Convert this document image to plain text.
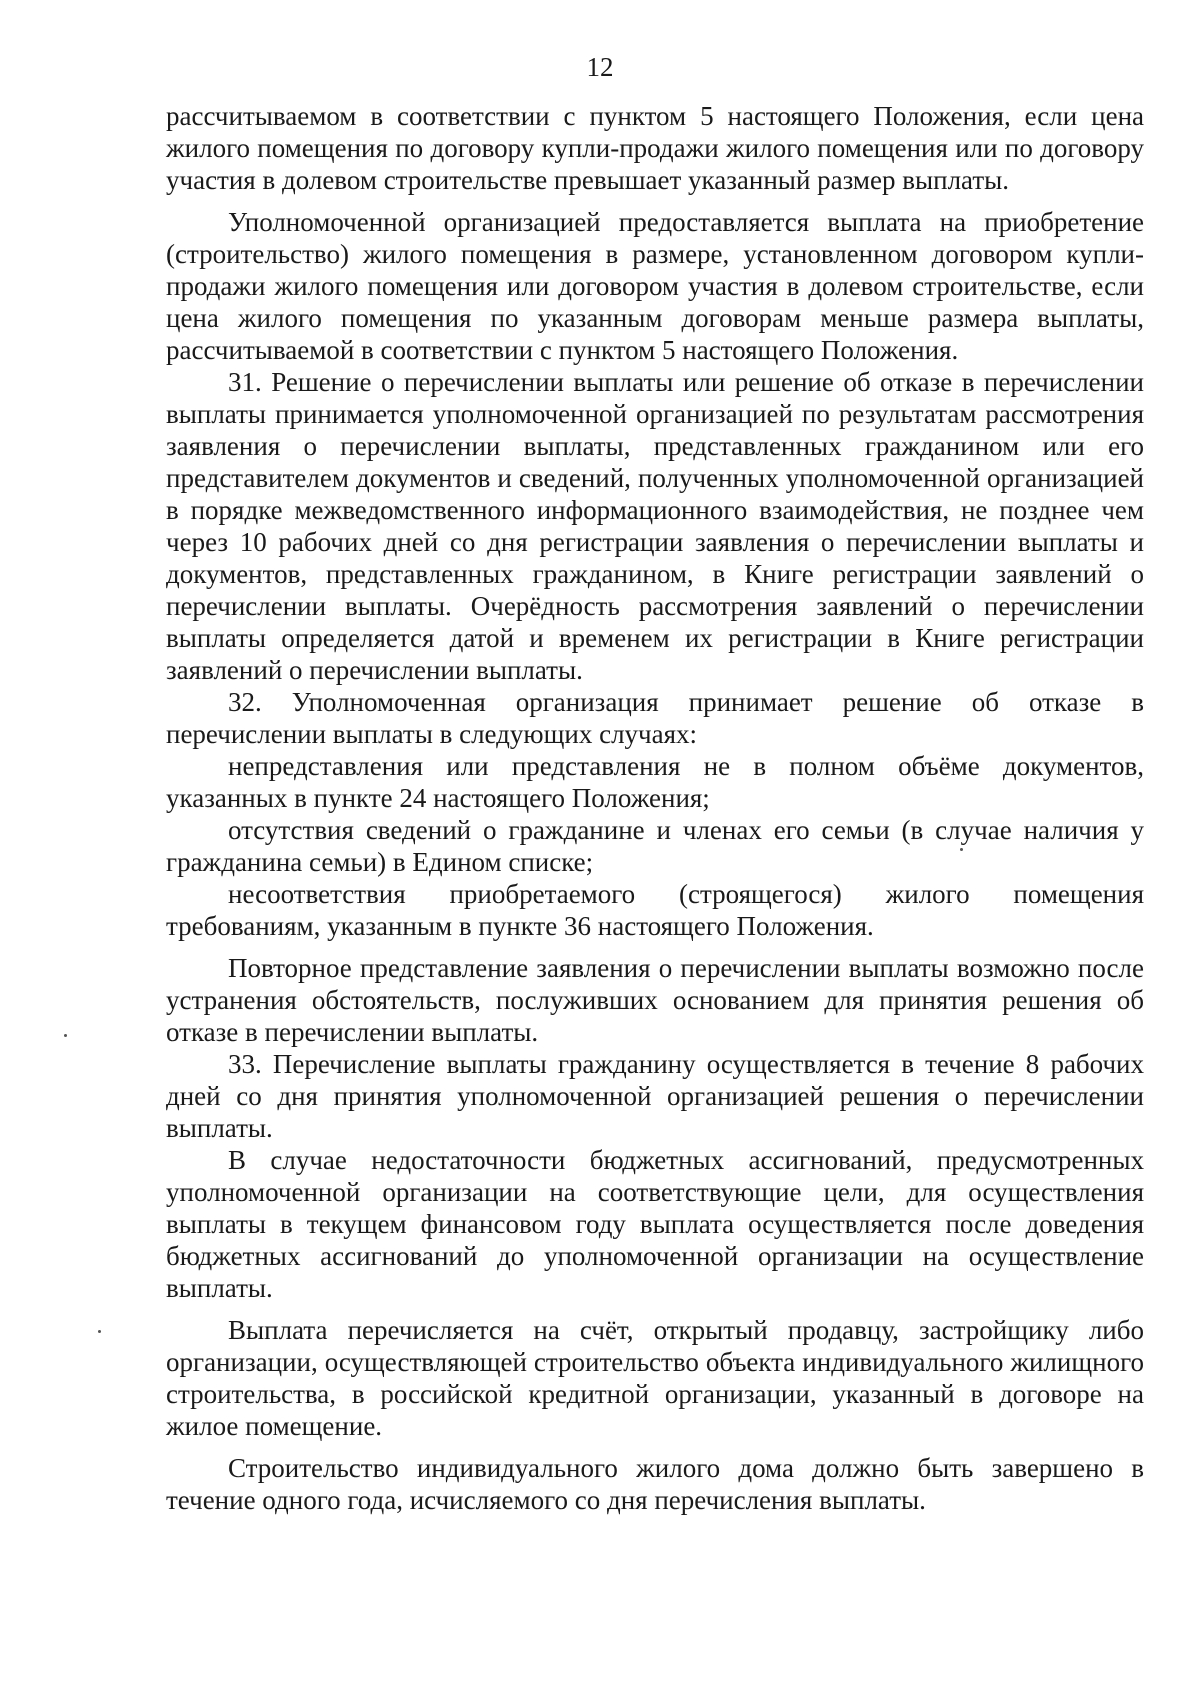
12

рассчитываемом в соответствии с пунктом 5 настоящего Положения, если цена жилого помещения по договору купли-продажи жилого помещения или по договору участия в долевом строительстве превышает указанный размер выплаты.

Уполномоченной организацией предоставляется выплата на приобретение (строительство) жилого помещения в размере, установленном договором купли-продажи жилого помещения или договором участия в долевом строительстве, если цена жилого помещения по указанным договорам меньше размера выплаты, рассчитываемой в соответствии с пунктом 5 настоящего Положения.

31. Решение о перечислении выплаты или решение об отказе в перечислении выплаты принимается уполномоченной организацией по результатам рассмотрения заявления о перечислении выплаты, представленных гражданином или его представителем документов и сведений, полученных уполномоченной организацией в порядке межведомственного информационного взаимодействия, не позднее чем через 10 рабочих дней со дня регистрации заявления о перечислении выплаты и документов, представленных гражданином, в Книге регистрации заявлений о перечислении выплаты. Очерёдность рассмотрения заявлений о перечислении выплаты определяется датой и временем их регистрации в Книге регистрации заявлений о перечислении выплаты.

32. Уполномоченная организация принимает решение об отказе в перечислении выплаты в следующих случаях:

непредставления или представления не в полном объёме документов, указанных в пункте 24 настоящего Положения;

отсутствия сведений о гражданине и членах его семьи (в случае наличия у гражданина семьи) в Едином списке;

несоответствия приобретаемого (строящегося) жилого помещения требованиям, указанным в пункте 36 настоящего Положения.

Повторное представление заявления о перечислении выплаты возможно после устранения обстоятельств, послуживших основанием для принятия решения об отказе в перечислении выплаты.

33. Перечисление выплаты гражданину осуществляется в течение 8 рабочих дней со дня принятия уполномоченной организацией решения о перечислении выплаты.

В случае недостаточности бюджетных ассигнований, предусмотренных уполномоченной организации на соответствующие цели, для осуществления выплаты в текущем финансовом году выплата осуществляется после доведения бюджетных ассигнований до уполномоченной организации на осуществление выплаты.

Выплата перечисляется на счёт, открытый продавцу, застройщику либо организации, осуществляющей строительство объекта индивидуального жилищного строительства, в российской кредитной организации, указанный в договоре на жилое помещение.

Строительство индивидуального жилого дома должно быть завершено в течение одного года, исчисляемого со дня перечисления выплаты.
